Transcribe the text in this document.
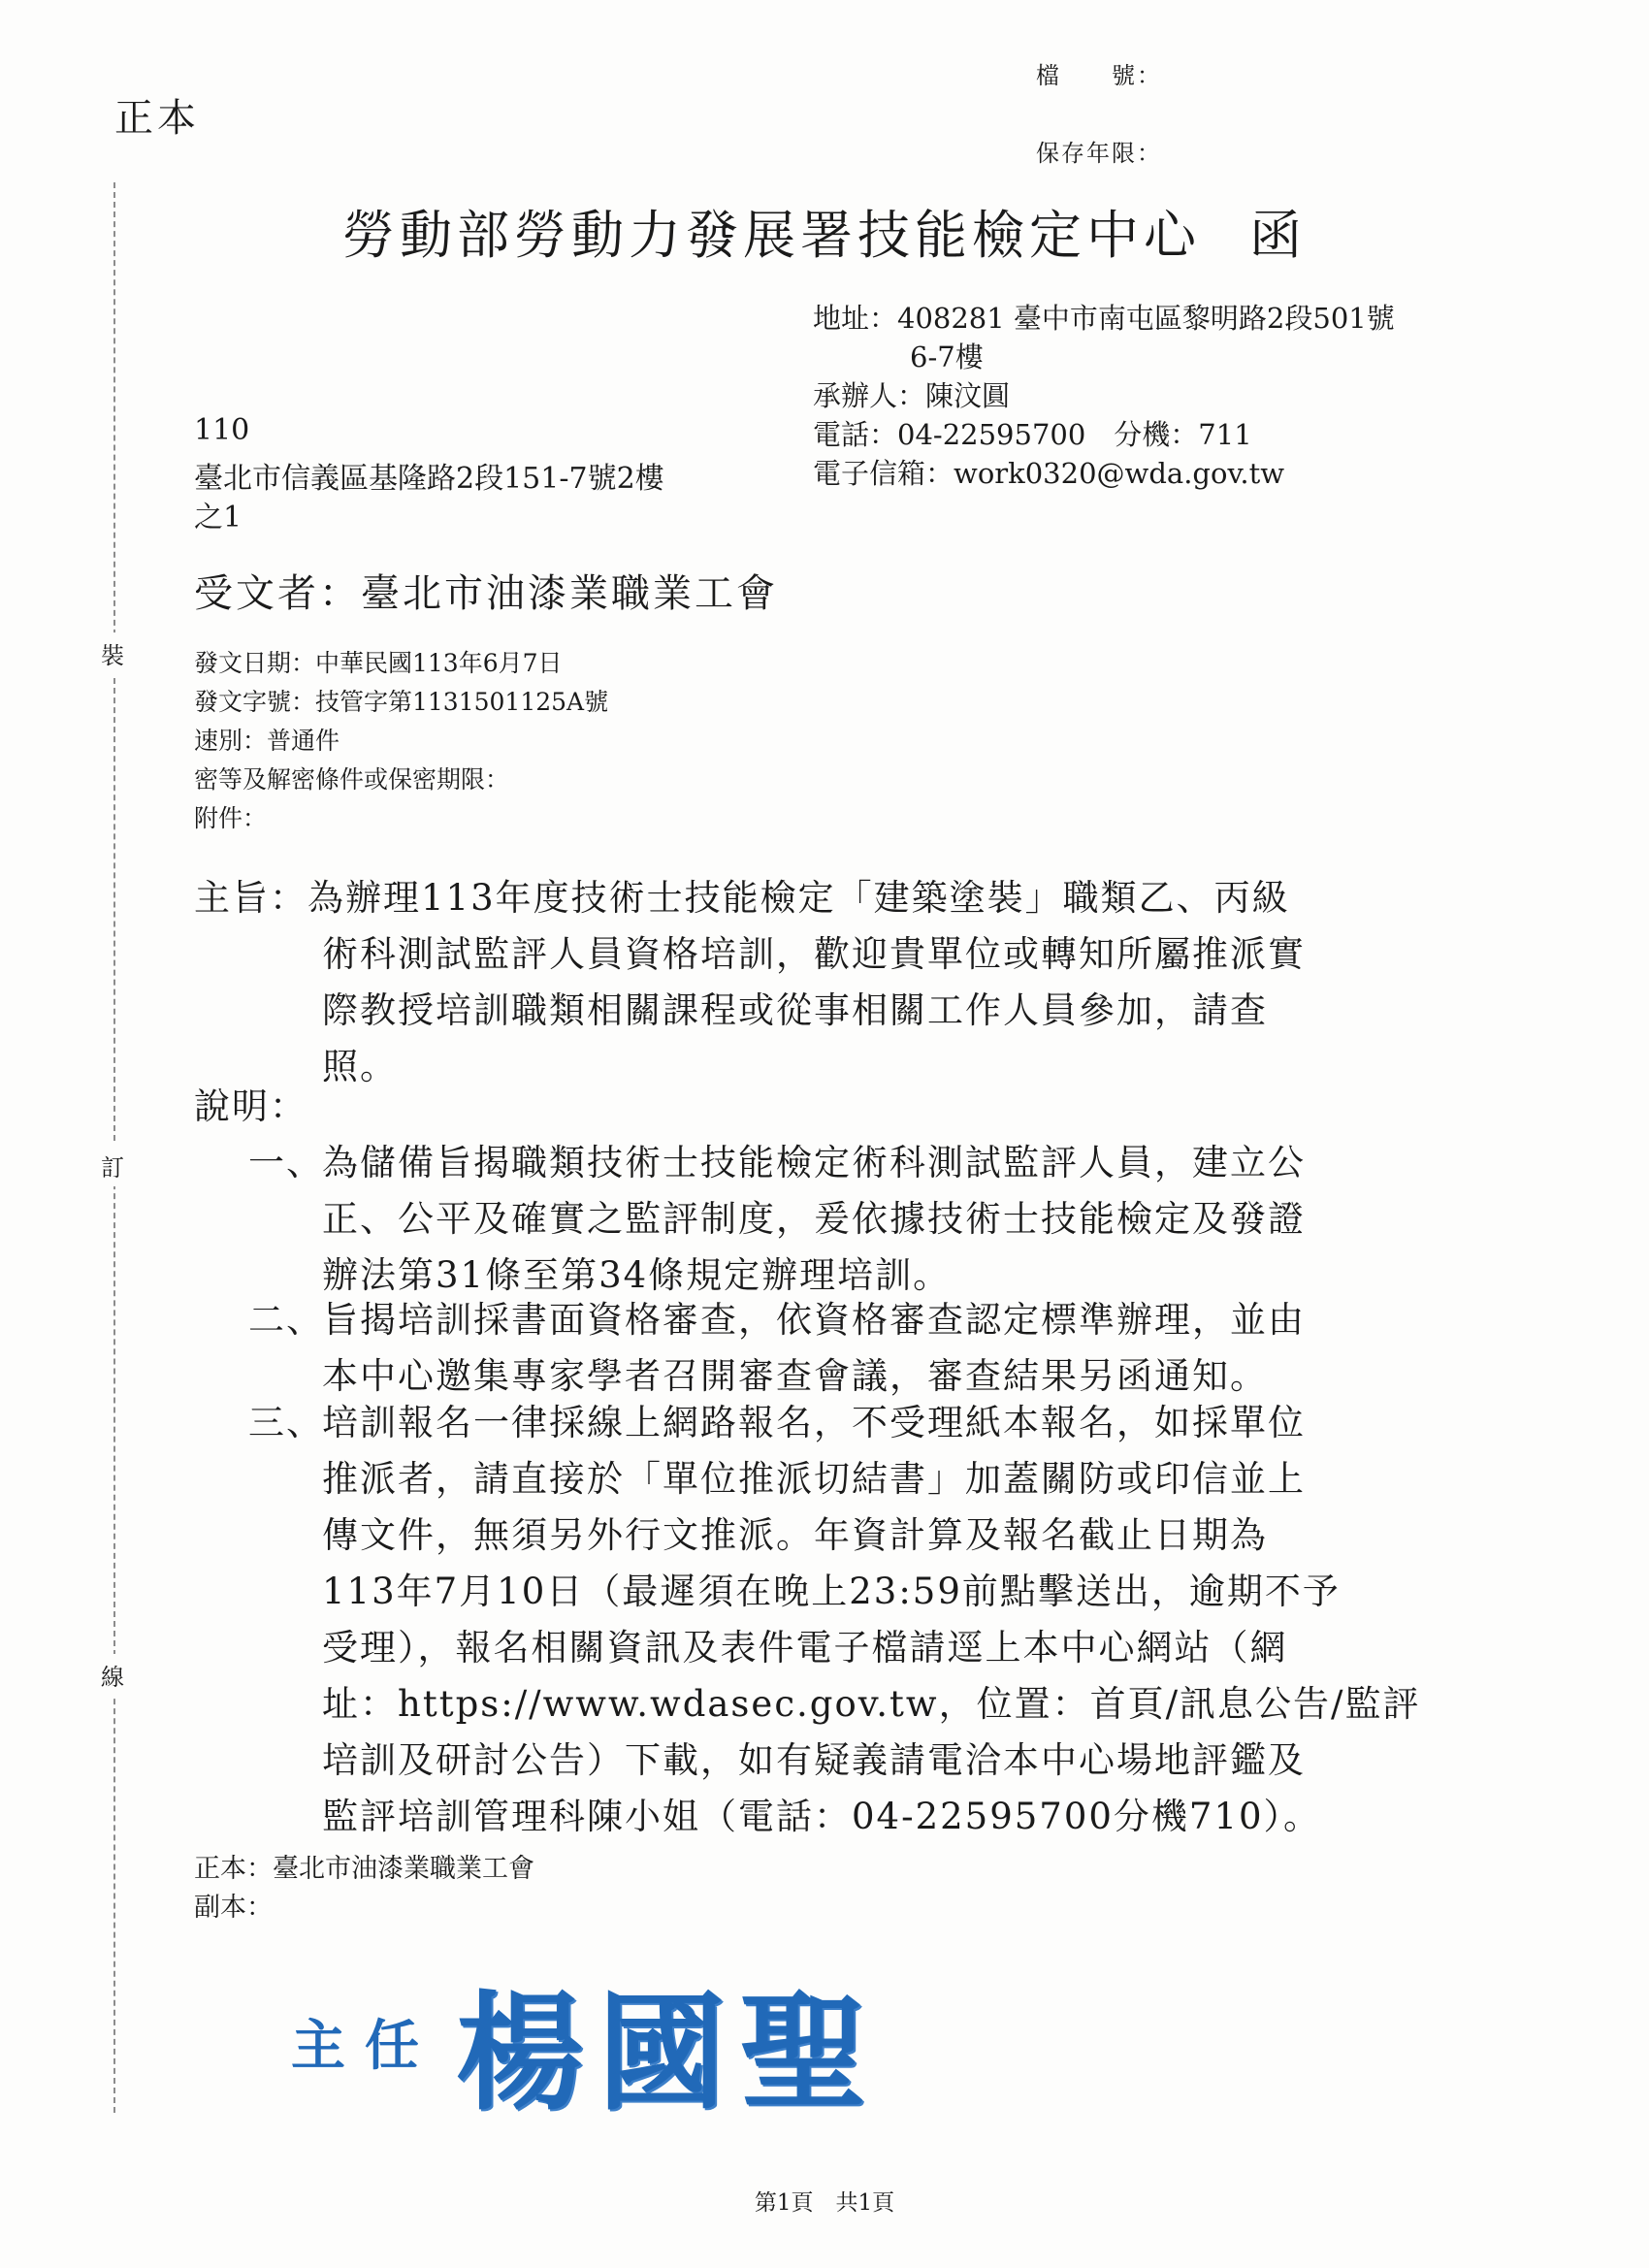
正本
檔　　號：
保存年限：
裝
訂
線
勞動部勞動力發展署技能檢定中心 函
地址：408281 臺中市南屯區黎明路2段501號
6-7樓
承辦人：陳汶圓
電話：04-22595700　分機：711
電子信箱：work0320@wda.gov.tw
110
臺北市信義區基隆路2段151-7號2樓
之1
受文者：臺北市油漆業職業工會
發文日期：中華民國113年6月7日
發文字號：技管字第1131501125A號
速別：普通件
密等及解密條件或保密期限：
附件：
主旨：為辦理113年度技術士技能檢定「建築塗裝」職類乙、丙級
術科測試監評人員資格培訓，歡迎貴單位或轉知所屬推派實
際教授培訓職類相關課程或從事相關工作人員參加，請查
照。
說明：
一、
為儲備旨揭職類技術士技能檢定術科測試監評人員，建立公
正、公平及確實之監評制度，爰依據技術士技能檢定及發證
辦法第31條至第34條規定辦理培訓。
二、
旨揭培訓採書面資格審查，依資格審查認定標準辦理，並由
本中心邀集專家學者召開審查會議，審查結果另函通知。
三、
培訓報名一律採線上網路報名，不受理紙本報名，如採單位
推派者，請直接於「單位推派切結書」加蓋關防或印信並上
傳文件，無須另外行文推派。年資計算及報名截止日期為
113年7月10日（最遲須在晚上23:59前點擊送出，逾期不予
受理），報名相關資訊及表件電子檔請逕上本中心網站（網
址：https://www.wdasec.gov.tw，位置：首頁/訊息公告/監評
培訓及研討公告）下載，如有疑義請電洽本中心場地評鑑及
監評培訓管理科陳小姐（電話：04-22595700分機710）。
正本：臺北市油漆業職業工會
副本：
主任 楊國聖
第1頁　共1頁
